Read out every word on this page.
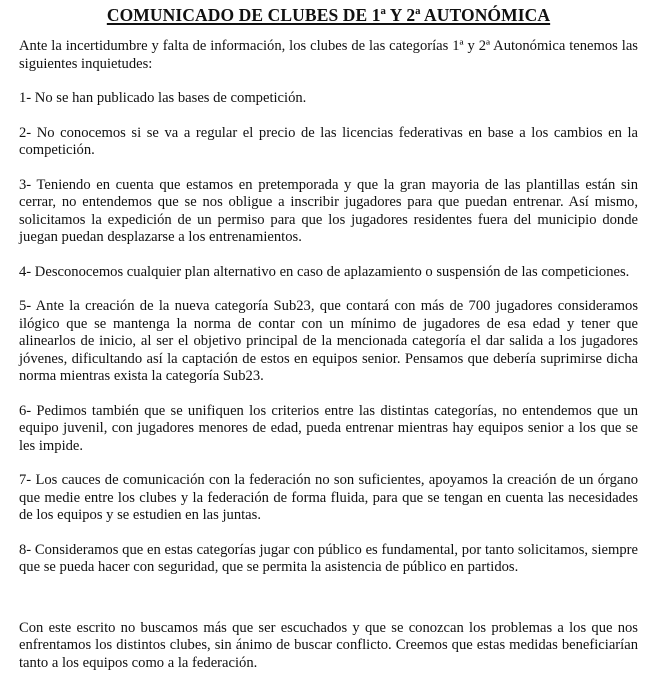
COMUNICADO DE CLUBES DE 1ª Y 2ª AUTONÓMICA

Ante la incertidumbre y falta de información, los clubes de las categorías 1ª y 2ª Autonómica tenemos las siguientes inquietudes:

1- No se han publicado las bases de competición.

2- No conocemos si se va a regular el precio de las licencias federativas en base a los cambios en la competición.

3- Teniendo en cuenta que estamos en pretemporada y que la gran mayoria de las plantillas están sin cerrar, no entendemos que se nos obligue a inscribir jugadores para que puedan entrenar. Así mismo, solicitamos la expedición de un permiso para que los jugadores residentes fuera del municipio donde juegan puedan desplazarse a los entrenamientos.

4- Desconocemos cualquier plan alternativo en caso de aplazamiento o suspensión de las competiciones.

5- Ante la creación de la nueva categoría Sub23, que contará con más de 700 jugadores consideramos ilógico que se mantenga la norma de contar con un mínimo de jugadores de esa edad y tener que alinearlos de inicio, al ser el objetivo principal de la mencionada categoría el dar salida a los jugadores jóvenes, dificultando así la captación de estos en equipos senior. Pensamos que debería suprimirse dicha norma mientras exista la categoría Sub23.

6- Pedimos también que se unifiquen los criterios entre las distintas categorías, no entendemos que un equipo juvenil, con jugadores menores de edad, pueda entrenar mientras hay equipos senior a los que se les impide.

7- Los cauces de comunicación con la federación no son suficientes, apoyamos la creación de un órgano que medie entre los clubes y la federación de forma fluida, para que se tengan en cuenta las necesidades de los equipos y se estudien en las juntas.

8- Consideramos que en estas categorías jugar con público es fundamental, por tanto solicitamos, siempre que se pueda hacer con seguridad, que se permita la asistencia de público en partidos.

Con este escrito no buscamos más que ser escuchados y que se conozcan los problemas a los que nos enfrentamos los distintos clubes, sin ánimo de buscar conflicto. Creemos que estas medidas beneficiarían tanto a los equipos como a la federación.
